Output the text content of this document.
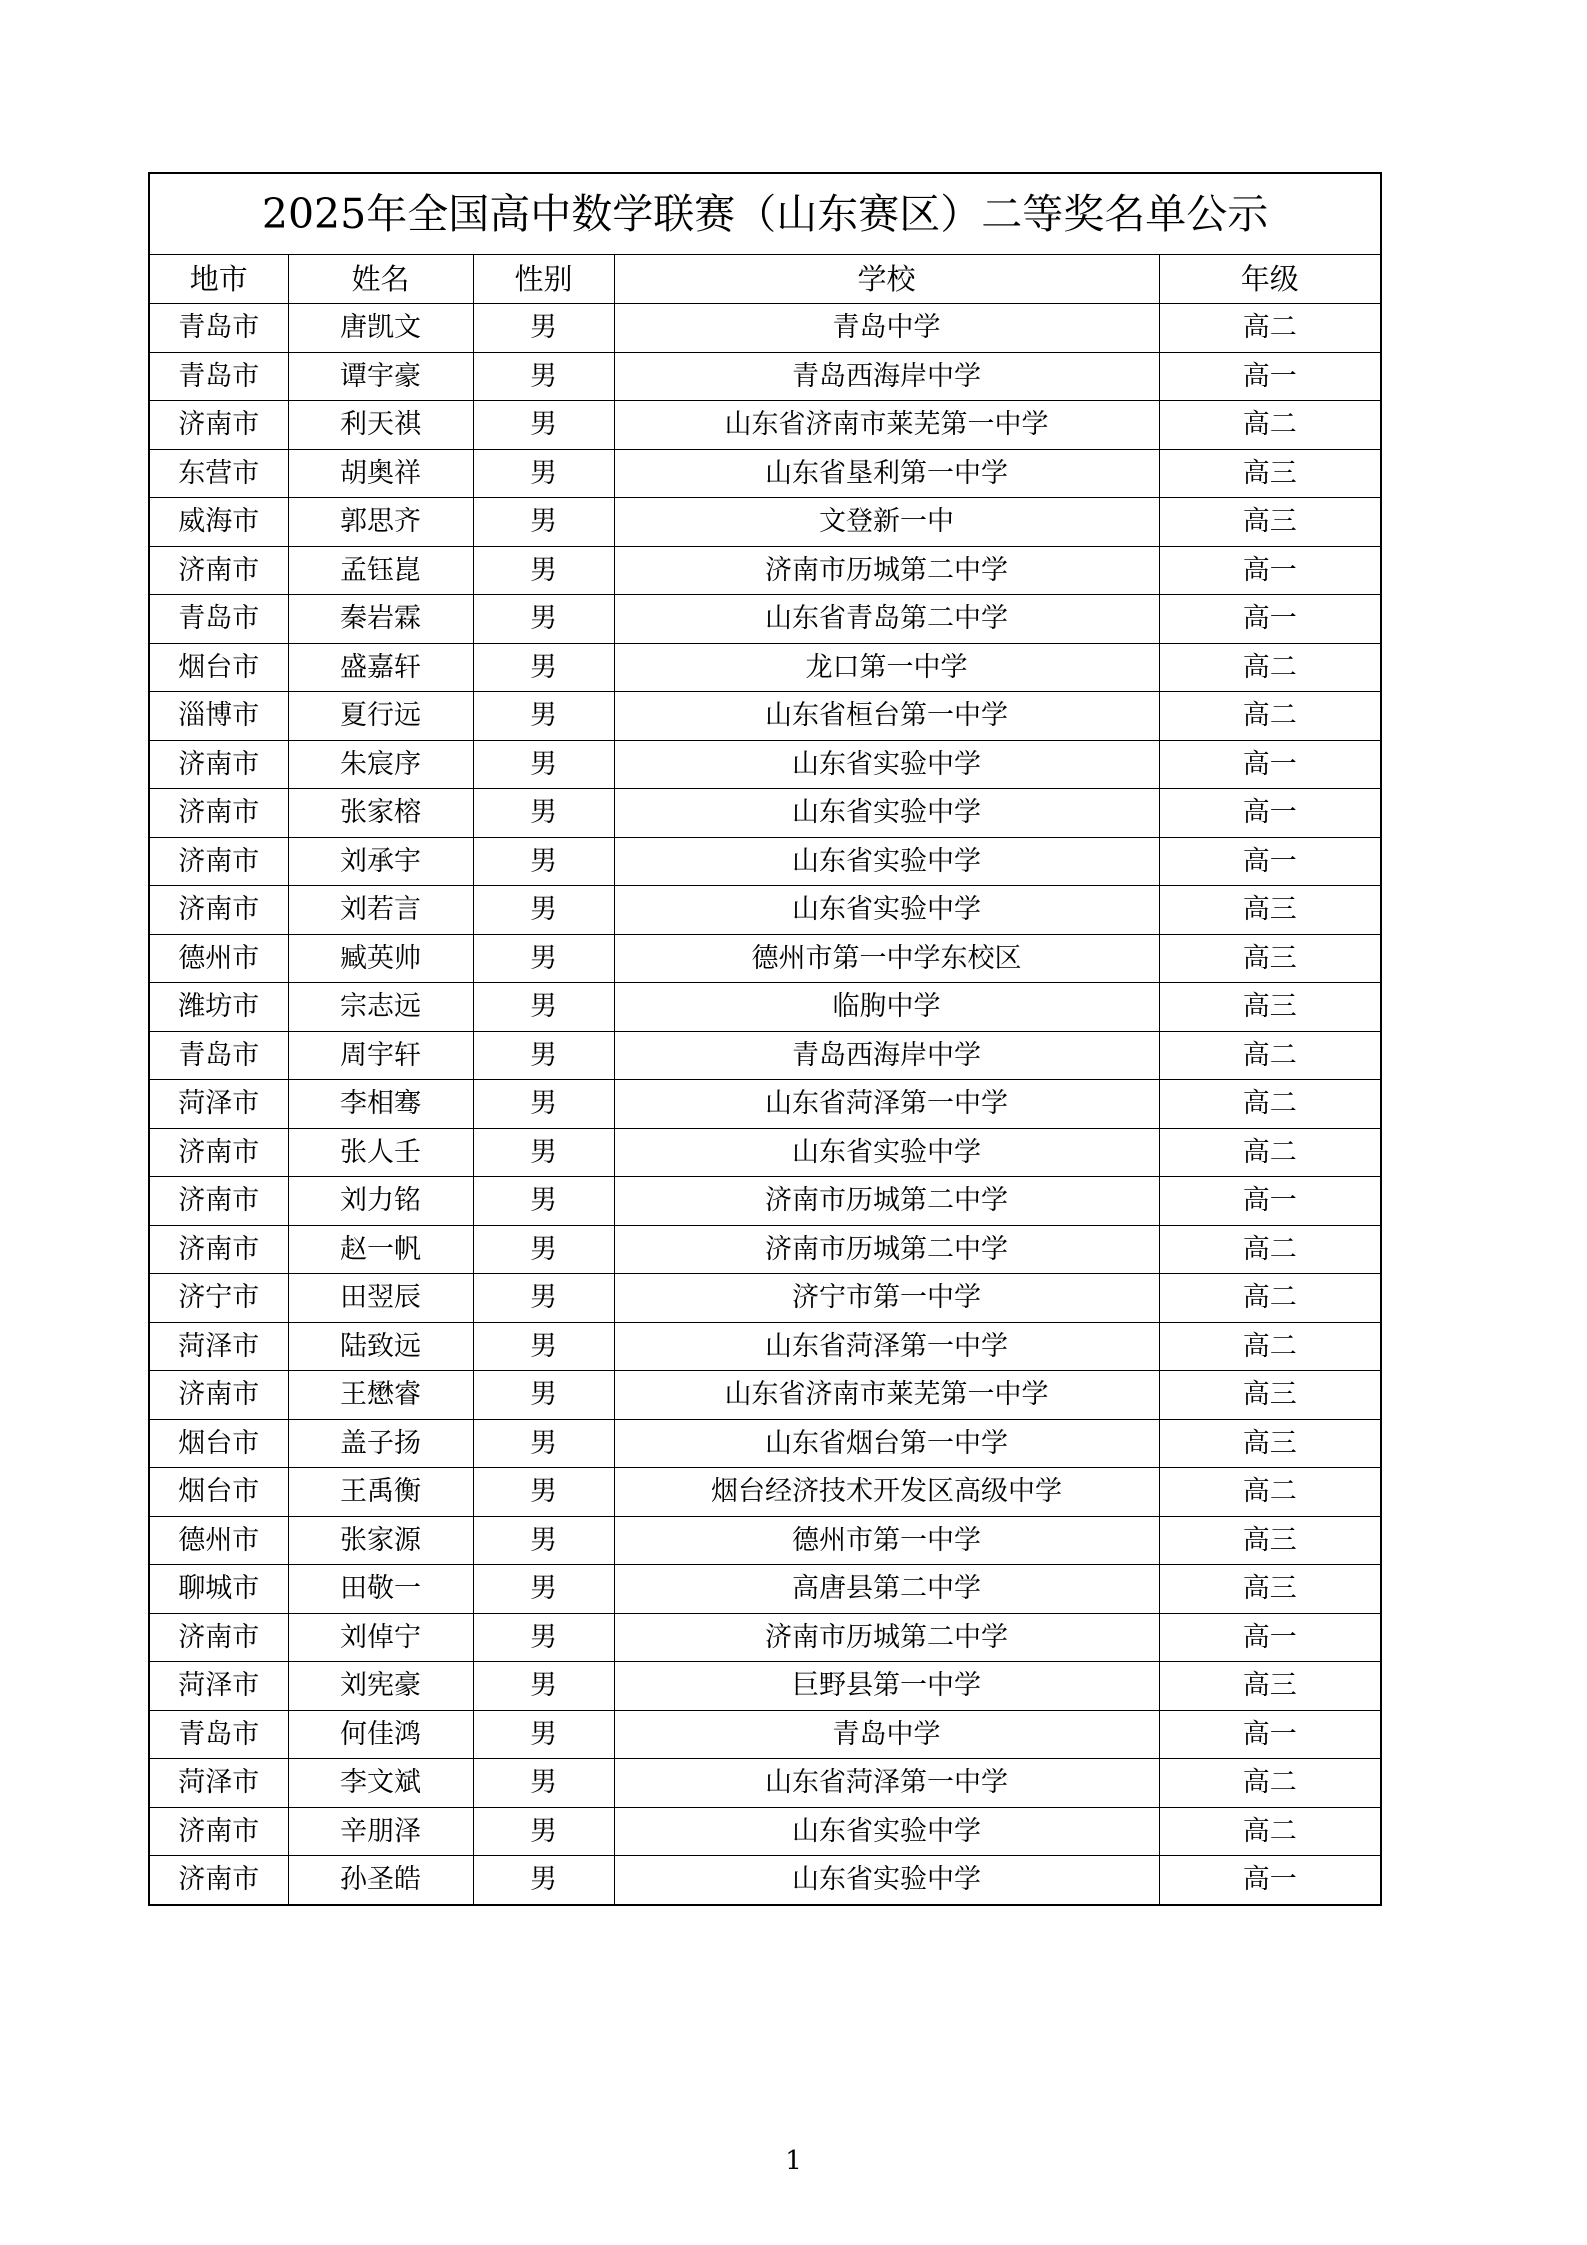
2025年全国高中数学联赛（山东赛区）二等奖名单公示				
地市	姓名	性别	学校	年级
青岛市	唐凯文	男	青岛中学	高二
青岛市	谭宇豪	男	青岛西海岸中学	高一
济南市	利天祺	男	山东省济南市莱芜第一中学	高二
东营市	胡奥祥	男	山东省垦利第一中学	高三
威海市	郭思齐	男	文登新一中	高三
济南市	孟钰崑	男	济南市历城第二中学	高一
青岛市	秦岩霖	男	山东省青岛第二中学	高一
烟台市	盛嘉轩	男	龙口第一中学	高二
淄博市	夏行远	男	山东省桓台第一中学	高二
济南市	朱宸序	男	山东省实验中学	高一
济南市	张家榕	男	山东省实验中学	高一
济南市	刘承宇	男	山东省实验中学	高一
济南市	刘若言	男	山东省实验中学	高三
德州市	臧英帅	男	德州市第一中学东校区	高三
潍坊市	宗志远	男	临朐中学	高三
青岛市	周宇轩	男	青岛西海岸中学	高二
菏泽市	李相骞	男	山东省菏泽第一中学	高二
济南市	张人壬	男	山东省实验中学	高二
济南市	刘力铭	男	济南市历城第二中学	高一
济南市	赵一帆	男	济南市历城第二中学	高二
济宁市	田翌辰	男	济宁市第一中学	高二
菏泽市	陆致远	男	山东省菏泽第一中学	高二
济南市	王懋睿	男	山东省济南市莱芜第一中学	高三
烟台市	盖子扬	男	山东省烟台第一中学	高三
烟台市	王禹衡	男	烟台经济技术开发区高级中学	高二
德州市	张家源	男	德州市第一中学	高三
聊城市	田敬一	男	高唐县第二中学	高三
济南市	刘倬宁	男	济南市历城第二中学	高一
菏泽市	刘宪豪	男	巨野县第一中学	高三
青岛市	何佳鸿	男	青岛中学	高一
菏泽市	李文斌	男	山东省菏泽第一中学	高二
济南市	辛朋泽	男	山东省实验中学	高二
济南市	孙圣皓	男	山东省实验中学	高一
1
